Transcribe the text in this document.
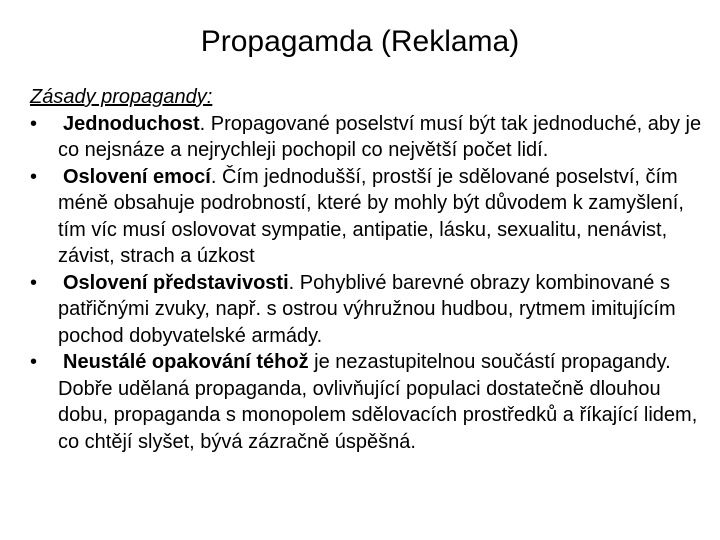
Propagamda (Reklama)

Zásady propagandy:

•	Jednoduchost. Propagované poselství musí být tak jednoduché, aby je co nejsnáze a nejrychleji pochopil co největší počet lidí.
•	Oslovení emocí. Čím jednodušší, prostší je sdělované poselství, čím méně obsahuje podrobností, které by mohly být důvodem k zamyšlení, tím víc musí oslovovat sympatie, antipatie, lásku, sexualitu, nenávist, závist, strach a úzkost
•	Oslovení představivosti. Pohyblivé barevné obrazy kombinované s patřičnými zvuky, např. s ostrou výhružnou hudbou, rytmem imitujícím pochod dobyvatelské armády.
•	Neustálé opakování téhož je nezastupitelnou součástí propagandy. Dobře udělaná propaganda, ovlivňující populaci dostatečně dlouhou dobu, propaganda s monopolem sdělovacích prostředků a říkající lidem, co chtějí slyšet, bývá zázračně úspěšná.
